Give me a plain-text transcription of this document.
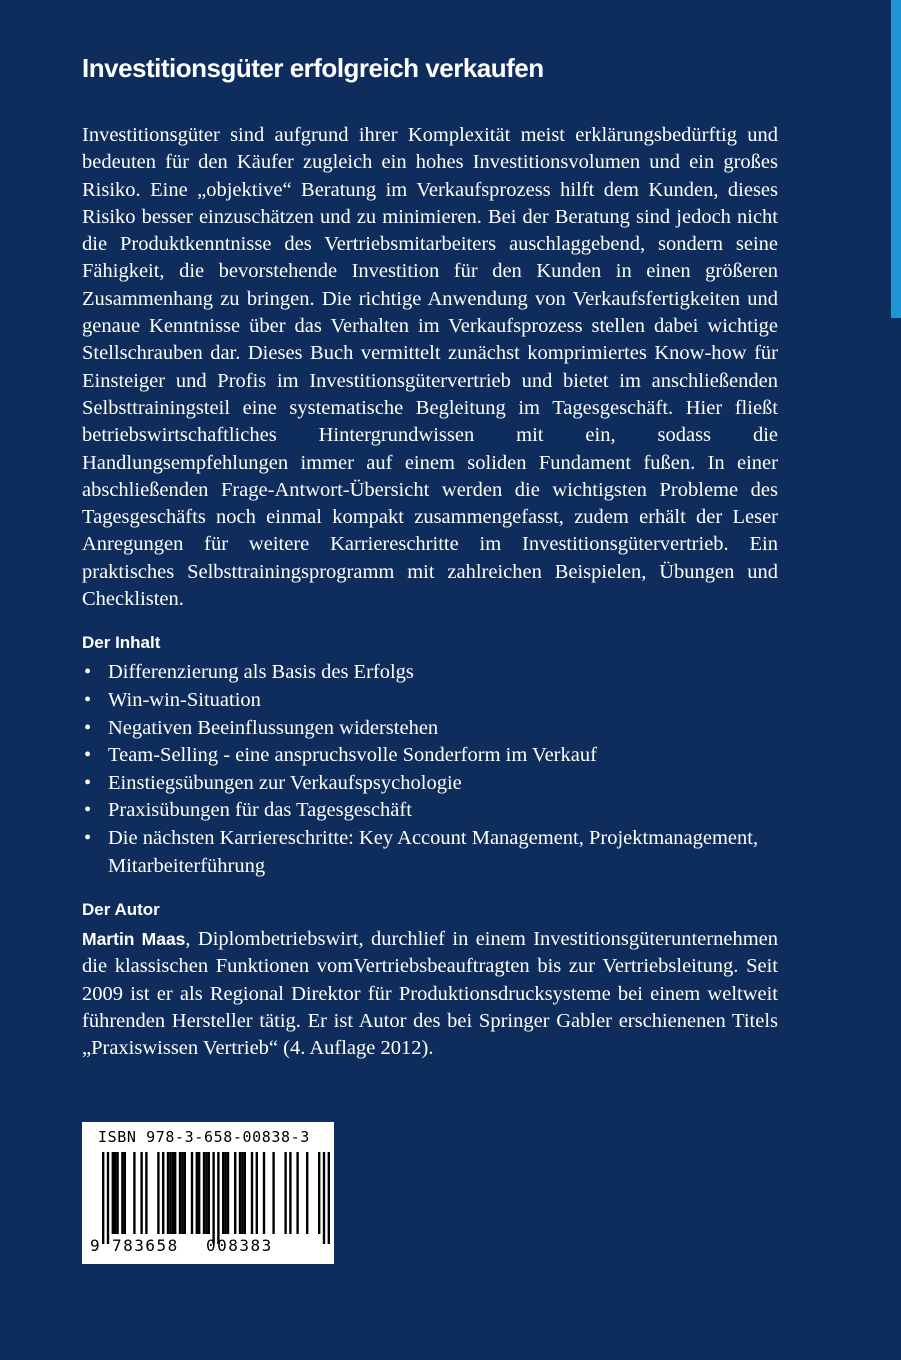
Investitionsgüter erfolgreich verkaufen

Investitionsgüter sind aufgrund ihrer Komplexität meist erklärungsbedürftig und bedeuten für den Käufer zugleich ein hohes Investitionsvolumen und ein großes Risiko. Eine „objektive“ Beratung im Verkaufsprozess hilft dem Kunden, dieses Risiko besser einzuschätzen und zu minimieren. Bei der Beratung sind jedoch nicht die Produktkenntnisse des Vertriebsmitarbeiters auschlaggebend, sondern seine Fähigkeit, die bevorstehende Investition für den Kunden in einen größeren Zusammenhang zu bringen. Die richtige Anwendung von Verkaufsfertigkeiten und genaue Kenntnisse über das Verhalten im Verkaufsprozess stellen dabei wichtige Stellschrauben dar. Dieses Buch vermittelt zunächst komprimiertes Know-how für Einsteiger und Profis im Investitionsgütervertrieb und bietet im anschließenden Selbsttrainingsteil eine systematische Begleitung im Tagesgeschäft. Hier fließt betriebswirtschaftliches Hintergrundwissen mit ein, sodass die Handlungsempfehlungen immer auf einem soliden Fundament fußen. In einer abschließenden Frage-Antwort-Übersicht werden die wichtigsten Probleme des Tagesgeschäfts noch einmal kompakt zusammengefasst, zudem erhält der Leser Anregungen für weitere Karriereschritte im Investitionsgütervertrieb. Ein praktisches Selbsttrainingsprogramm mit zahlreichen Beispielen, Übungen und Checklisten.

Der Inhalt
• Differenzierung als Basis des Erfolgs
• Win-win-Situation
• Negativen Beeinflussungen widerstehen
• Team-Selling - eine anspruchsvolle Sonderform im Verkauf
• Einstiegsübungen zur Verkaufspsychologie
• Praxisübungen für das Tagesgeschäft
• Die nächsten Karriereschritte: Key Account Management, Projektmanagement, Mitarbeiterführung
Der Autor

Martin Maas, Diplombetriebswirt, durchlief in einem Investitionsgüterunternehmen die klassischen Funktionen vomVertriebsbeauftragten bis zur Vertriebsleitung. Seit 2009 ist er als Regional Direktor für Produktionsdrucksysteme bei einem weltweit führenden Hersteller tätig. Er ist Autor des bei Springer Gabler erschienenen Titels „Praxiswissen Vertrieb“ (4. Auflage 2012).

ISBN 978-3-658-00838-3
9 783658 008383
